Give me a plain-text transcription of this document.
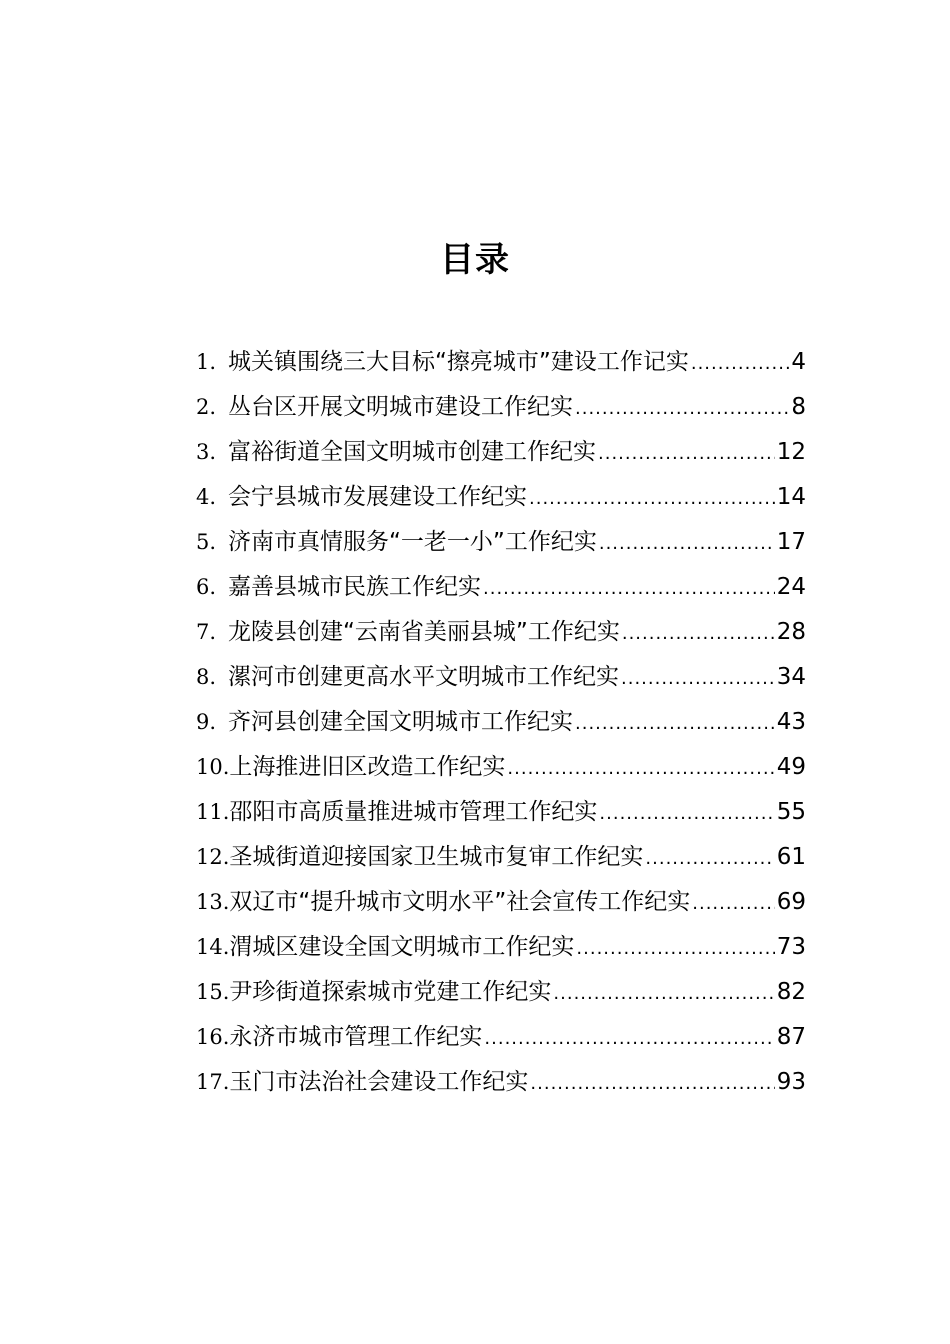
目录
1. 城关镇围绕三大目标“擦亮城市”建设工作记实 .....	4
2. 丛台区开展文明城市建设工作纪实 .....	8
3. 富裕街道全国文明城市创建工作纪实 .....	12
4. 会宁县城市发展建设工作纪实 .....	14
5. 济南市真情服务“一老一小”工作纪实 .....	17
6. 嘉善县城市民族工作纪实 .....	24
7. 龙陵县创建“云南省美丽县城”工作纪实 .....	28
8. 漯河市创建更高水平文明城市工作纪实 .....	34
9. 齐河县创建全国文明城市工作纪实 .....	43
10. 上海推进旧区改造工作纪实 .....	49
11. 邵阳市高质量推进城市管理工作纪实 .....	55
12. 圣城街道迎接国家卫生城市复审工作纪实 .....	61
13. 双辽市“提升城市文明水平”社会宣传工作纪实 .....	69
14. 渭城区建设全国文明城市工作纪实 .....	73
15. 尹珍街道探索城市党建工作纪实 .....	82
16. 永济市城市管理工作纪实 .....	87
17. 玉门市法治社会建设工作纪实 .....	93
